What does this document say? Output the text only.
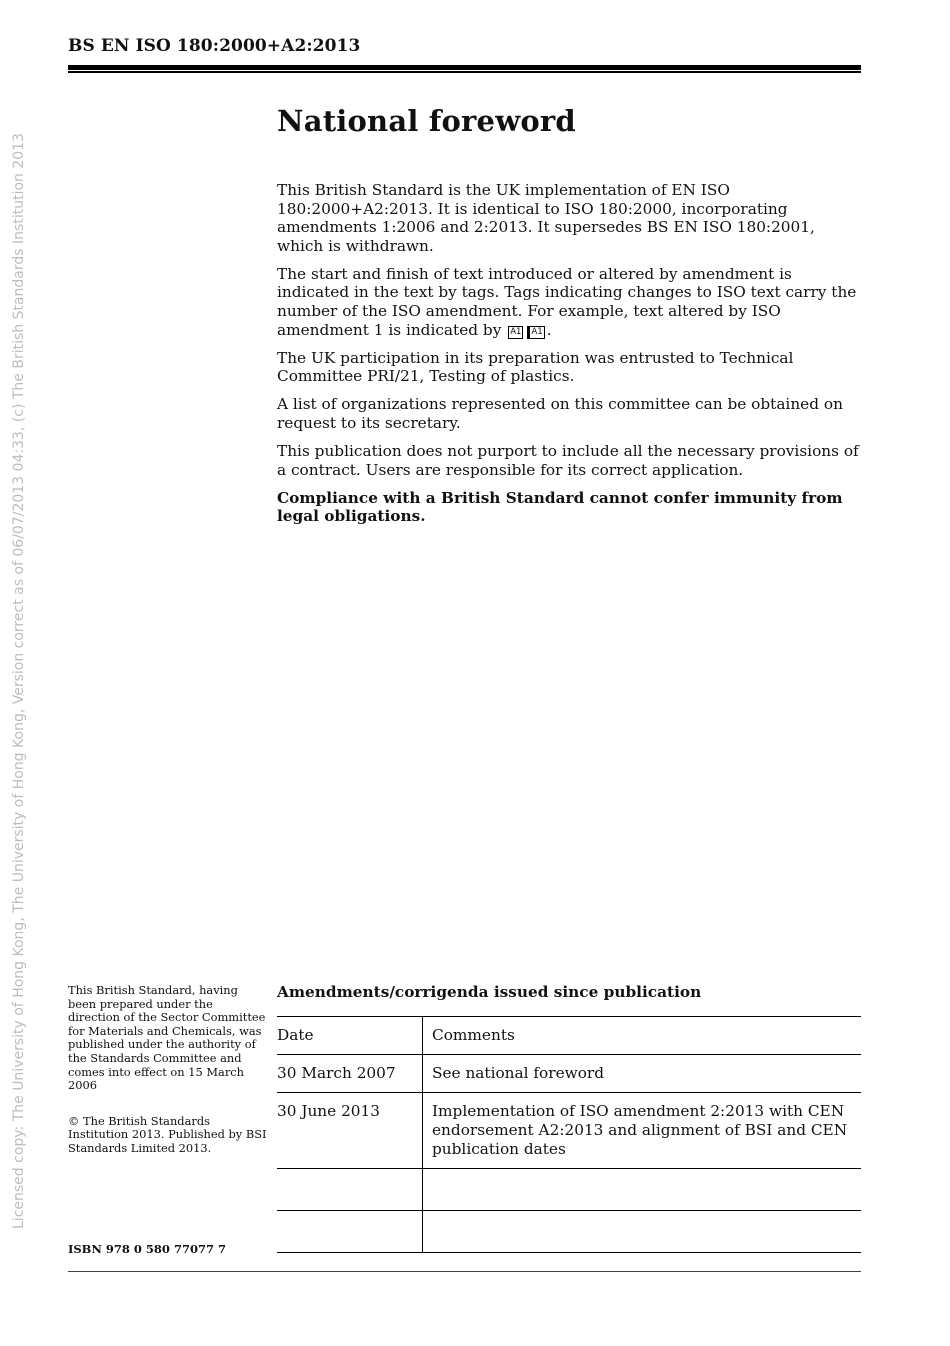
BS EN ISO 180:2000+A2:2013
Licensed copy: The University of Hong Kong, The University of Hong Kong, Version correct as of 06/07/2013 04:33, (c) The British Standards Institution 2013
National foreword

This British Standard is the UK implementation of EN ISO 180:2000+A2:2013. It is identical to ISO 180:2000, incorporating amendments 1:2006 and 2:2013. It supersedes BS EN ISO 180:2001, which is withdrawn.

The start and finish of text introduced or altered by amendment is indicated in the text by tags. Tags indicating changes to ISO text carry the number of the ISO amendment. For example, text altered by ISO amendment 1 is indicated by A1 A1 .

The UK participation in its preparation was entrusted to Technical Committee PRI/21, Testing of plastics.

A list of organizations represented on this committee can be obtained on request to its secretary.

This publication does not purport to include all the necessary provisions of a contract. Users are responsible for its correct application.

Compliance with a British Standard cannot confer immunity from legal obligations.

This British Standard, having been prepared under the direction of the Sector Committee for Materials and Chemicals, was published under the authority of the Standards Committee and comes into effect on 15 March 2006

© The British Standards Institution 2013. Published by BSI Standards Limited 2013.

ISBN 978 0 580 77077 7
Amendments/corrigenda issued since publication
Date	Comments
30 March 2007	See national foreword
30 June 2013	Implementation of ISO amendment 2:2013 with CEN endorsement A2:2013 and alignment of BSI and CEN publication dates
